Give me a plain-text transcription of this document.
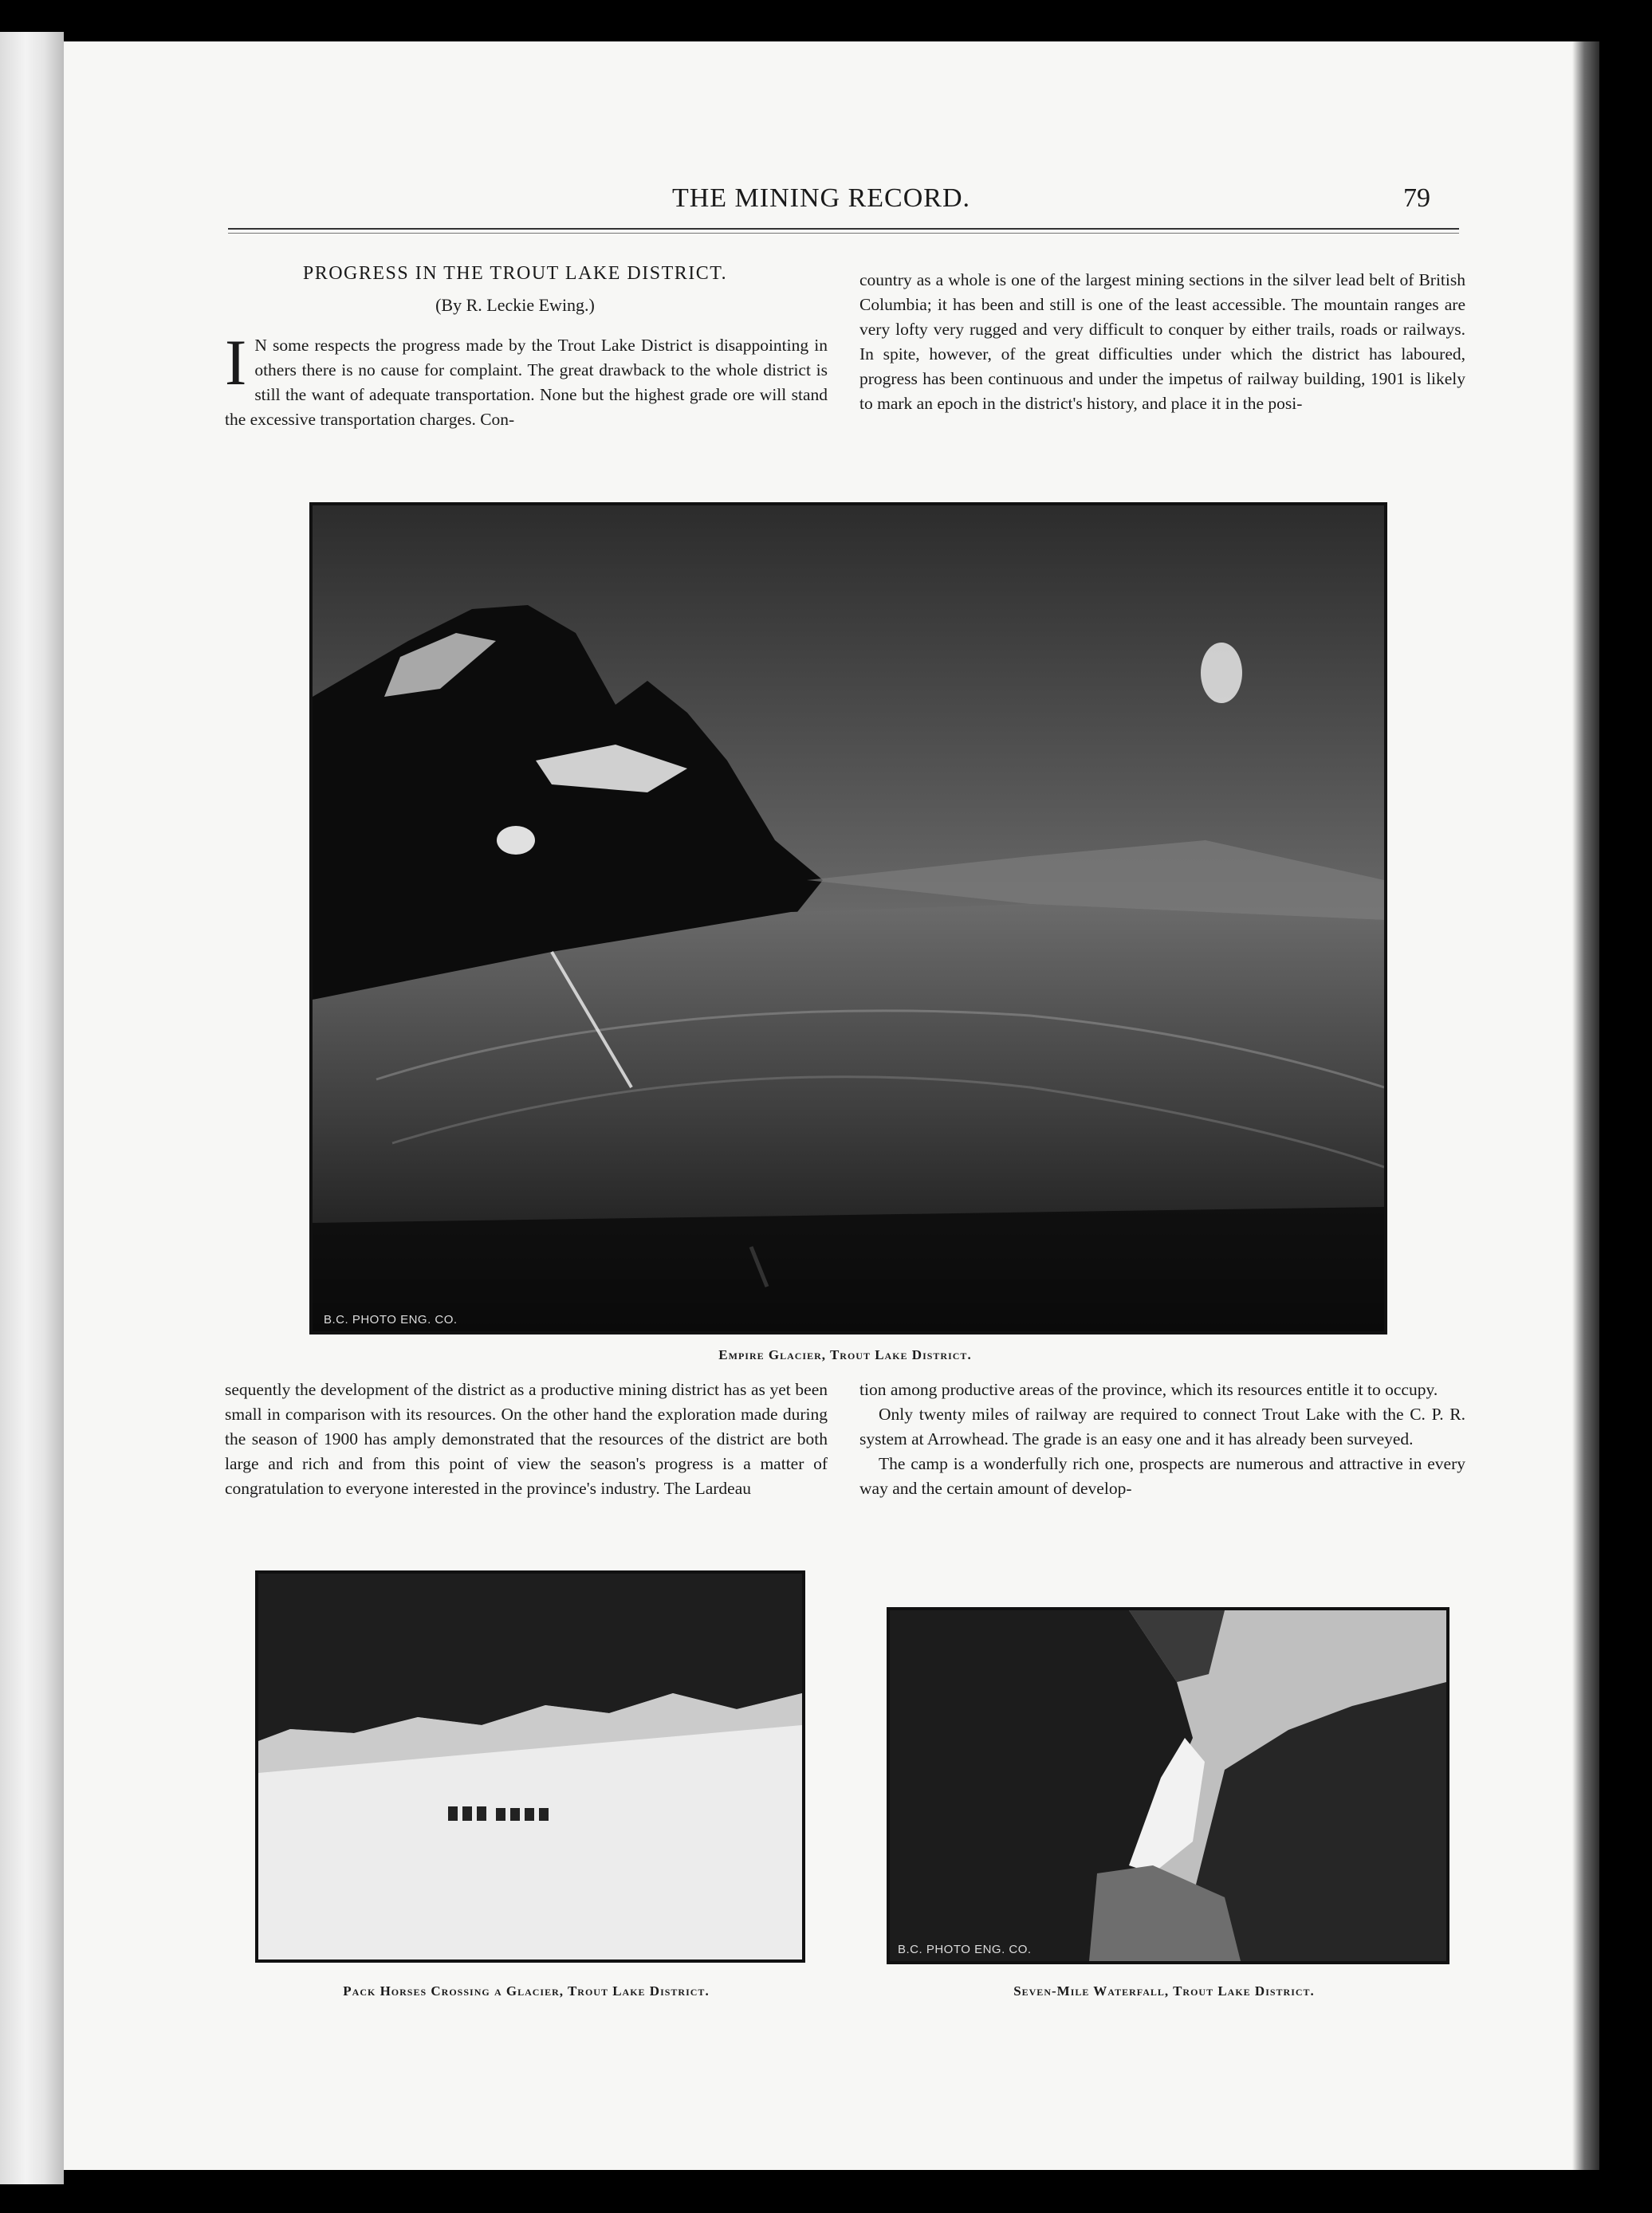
THE MINING RECORD.	79
PROGRESS IN THE TROUT LAKE DISTRICT.
(By R. Leckie Ewing.)
I N some respects the progress made by the Trout Lake District is disappointing in others there is no cause for complaint. The great drawback to the whole district is still the want of adequate transportation. None but the highest grade ore will stand the excessive transportation charges. Con-

country as a whole is one of the largest mining sections in the silver lead belt of British Columbia; it has been and still is one of the least accessible. The mountain ranges are very lofty very rugged and very difficult to conquer by either trails, roads or railways. In spite, however, of the great difficulties under which the district has laboured, progress has been continuous and under the impetus of railway building, 1901 is likely to mark an epoch in the district's history, and place it in the posi-

B.C. PHOTO ENG. CO.
Empire Glacier, Trout Lake District.

sequently the development of the district as a productive mining district has as yet been small in comparison with its resources. On the other hand the exploration made during the season of 1900 has amply demonstrated that the resources of the district are both large and rich and from this point of view the season's progress is a matter of congratulation to everyone interested in the province's industry. The Lardeau

tion among productive areas of the province, which its resources entitle it to occupy.

Only twenty miles of railway are required to connect Trout Lake with the C. P. R. system at Arrowhead. The grade is an easy one and it has already been surveyed.

The camp is a wonderfully rich one, prospects are numerous and attractive in every way and the certain amount of develop-

Pack Horses Crossing a Glacier, Trout Lake District.
B.C. PHOTO ENG. CO.
Seven-Mile Waterfall, Trout Lake District.
